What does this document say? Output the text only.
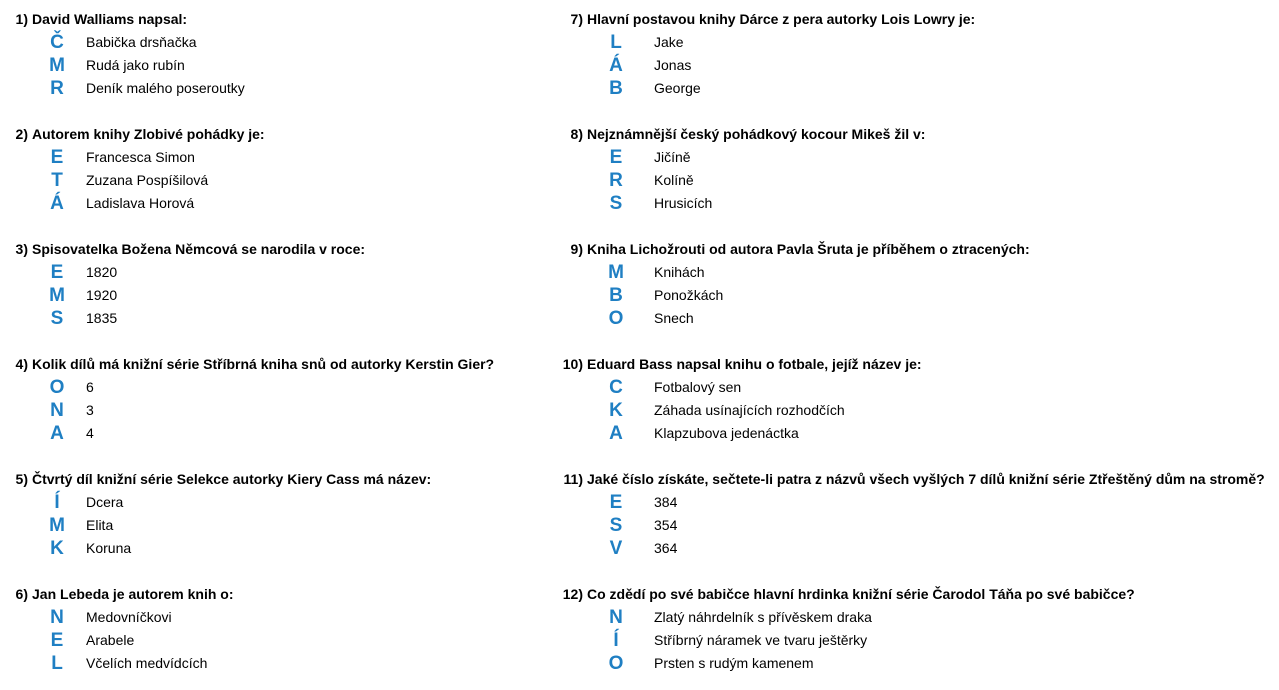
1) David Walliams napsal:
Č Babička drsňačka
M Rudá jako rubín
R Deník malého poseroutky
2) Autorem knihy Zlobivé pohádky je:
E	Francesca Simon
T	Zuzana Pospíšilová
Á Ladislava Horová
3) Spisovatelka Božena Němcová se narodila v roce:
E	1820
M 1920
S	1835
4) Kolik dílů má knižní série Stříbrná kniha snů od autorky Kerstin Gier?
O 6
N 3
A 4
5) Čtvrtý díl knižní série Selekce autorky Kiery Cass má název:
Í	Dcera
M Elita
K Koruna
6) Jan Lebeda je autorem knih o:
N Medovníčkovi
E	Arabele
L	Včelích medvídcích
7) Hlavní postavou knihy Dárce z pera autorky Lois Lowry je:
L	Jake
Á Jonas
B George
8) Nejznámnější český pohádkový kocour Mikeš žil v:
E	Jičíně
R Kolíně
S	Hrusicích
9) Kniha Lichožrouti od autora Pavla Šruta je příběhem o ztracených:
M Knihách
B Ponožkách
O Snech
10) Eduard Bass napsal knihu o fotbale, jejíž název je:
C Fotbalový sen
K Záhada usínajících rozhodčích
A Klapzubova jedenáctka
11) Jaké číslo získáte, sečtete-li patra z názvů všech vyšlých 7 dílů knižní série Ztřeštěný dům na stromě?
E	384
S	354
V	364
12) Co zdědí po své babičce hlavní hrdinka knižní série Čarodol Táňa po své babičce?
N Zlatý náhrdelník s přívěskem draka
Í	Stříbrný náramek ve tvaru ještěrky
O Prsten s rudým kamenem
